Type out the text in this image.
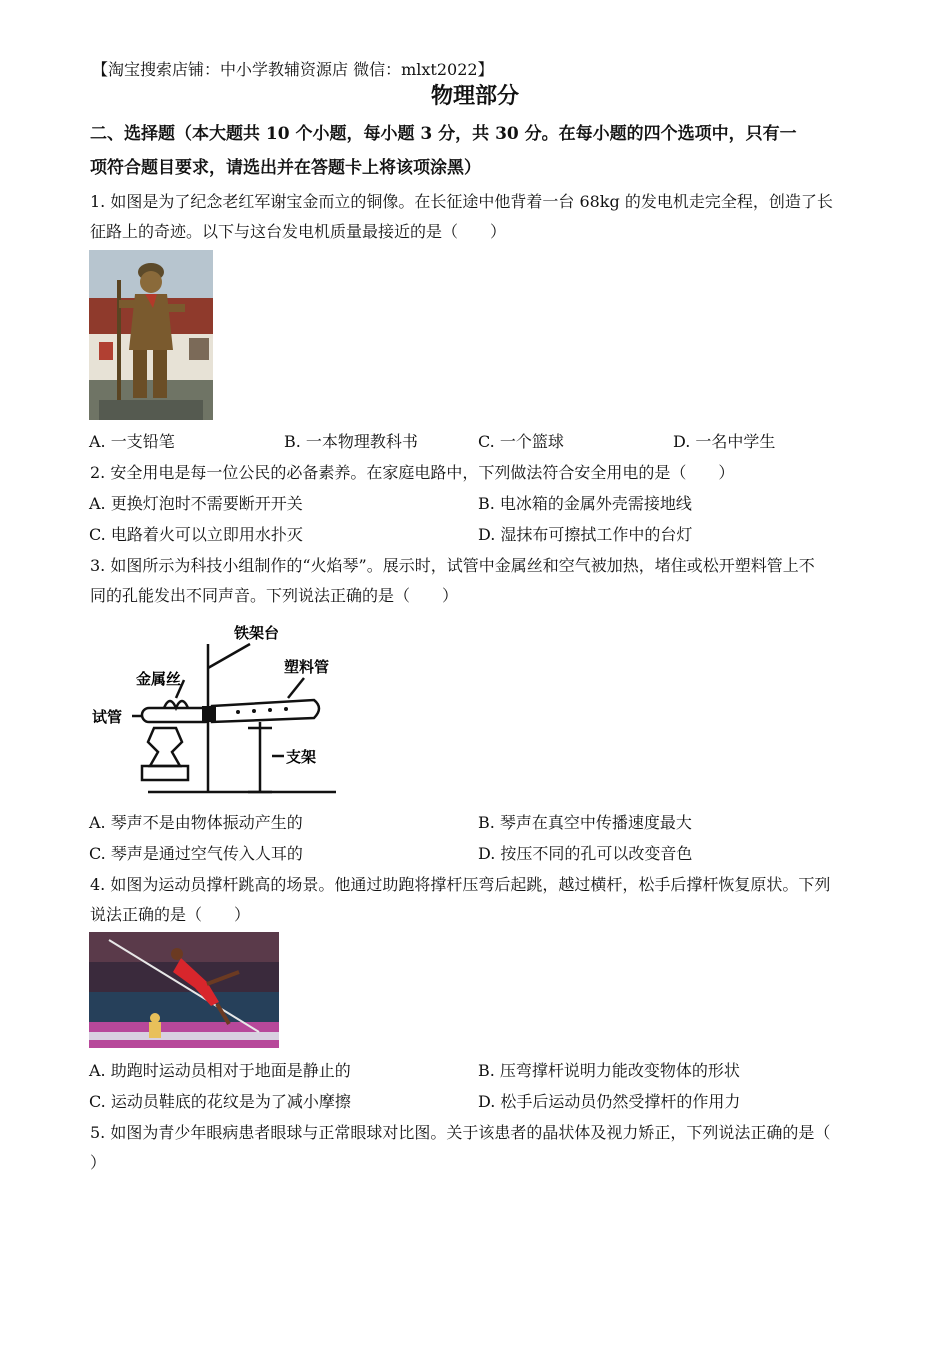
【淘宝搜索店铺：中小学教辅资源店 微信：mlxt2022】
物理部分
二、选择题（本大题共 10 个小题，每小题 3 分，共 30 分。在每小题的四个选项中，只有一
项符合题目要求，请选出并在答题卡上将该项涂黑）
1. 如图是为了纪念老红军谢宝金而立的铜像。在长征途中他背着一台 68kg 的发电机走完全程，创造了长
征路上的奇迹。以下与这台发电机质量最接近的是（　　）
A. 一支铅笔	B. 一本物理教科书	C. 一个篮球	D. 一名中学生
2. 安全用电是每一位公民的必备素养。在家庭电路中，下列做法符合安全用电的是（　　）
A. 更换灯泡时不需要断开开关	B. 电冰箱的金属外壳需接地线
C. 电路着火可以立即用水扑灭	D. 湿抹布可擦拭工作中的台灯
3. 如图所示为科技小组制作的“火焰琴”。展示时，试管中金属丝和空气被加热，堵住或松开塑料管上不
同的孔能发出不同声音。下列说法正确的是（　　）
铁架台
金属丝
塑料管
试管
支架
A. 琴声不是由物体振动产生的	B. 琴声在真空中传播速度最大
C. 琴声是通过空气传入人耳的	D. 按压不同的孔可以改变音色
4. 如图为运动员撑杆跳高的场景。他通过助跑将撑杆压弯后起跳，越过横杆，松手后撑杆恢复原状。下列
说法正确的是（　　）
A. 助跑时运动员相对于地面是静止的	B. 压弯撑杆说明力能改变物体的形状
C. 运动员鞋底的花纹是为了减小摩擦	D. 松手后运动员仍然受撑杆的作用力
5. 如图为青少年眼病患者眼球与正常眼球对比图。关于该患者的晶状体及视力矫正，下列说法正确的是（
）
